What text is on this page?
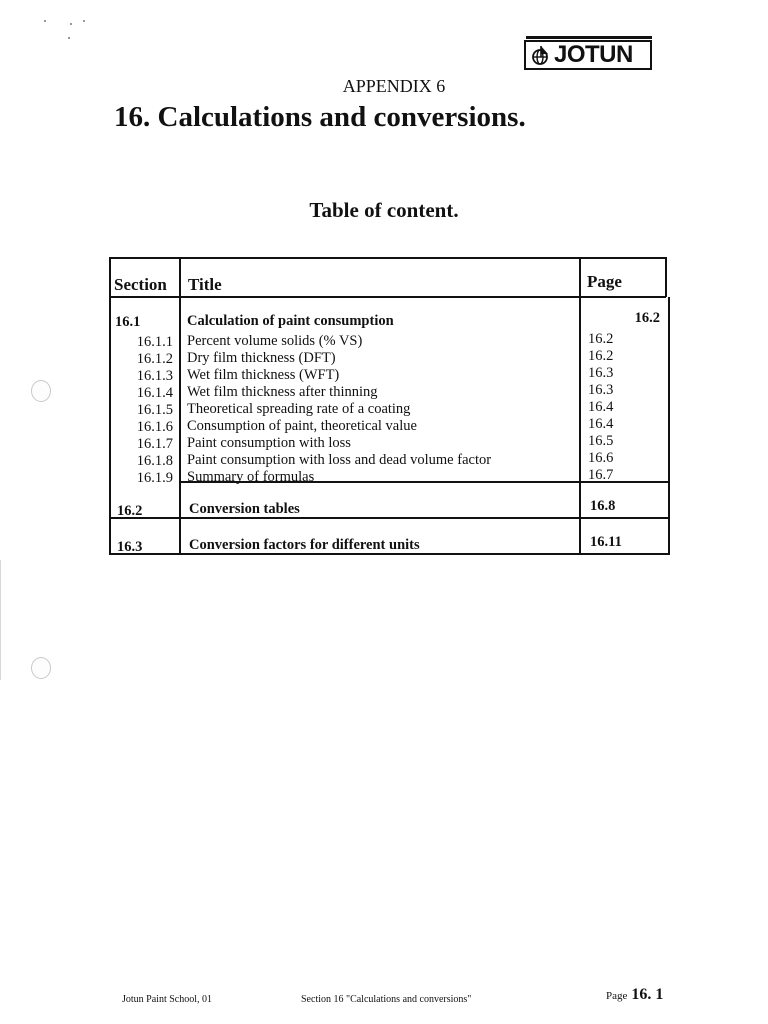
JOTUN
APPENDIX 6
16. Calculations and conversions.
Table of content.
Section Title	Page
16.1	Calculation of paint consumption	16.2
16.1.1 Percent volume solids (% VS)	16.2
16.1.2 Dry film thickness (DFT)	16.2
16.1.3 Wet film thickness (WFT)	16.3
16.1.4 Wet film thickness after thinning	16.3
16.1.5 Theoretical spreading rate of a coating	16.4
16.1.6 Consumption of paint, theoretical value	16.4
16.1.7 Paint consumption with loss	16.5
16.1.8 Paint consumption with loss and dead volume factor	16.6
16.1.9 Summary of formulas	16.7
16.2	Conversion tables	16.8
16.3	Conversion factors for different units	16.11
Jotun Paint School, 01	Section 16 "Calculations and conversions"	Page 16. 1
